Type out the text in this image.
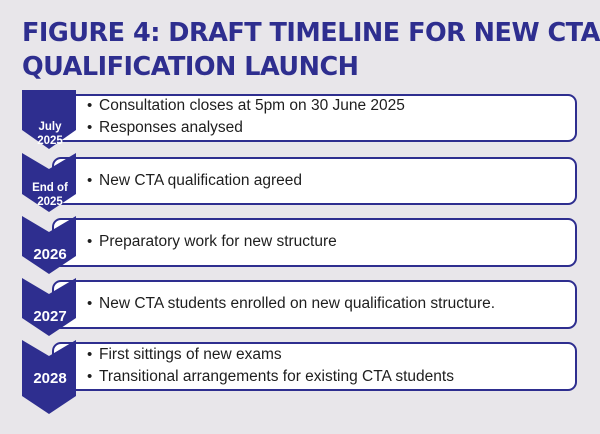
FIGURE 4: DRAFT TIMELINE FOR NEW CTA
QUALIFICATION LAUNCH
July
2025
End of
2025
2026
2027
2028
• Consultation closes at 5pm on 30 June 2025
• Responses analysed
• New CTA qualification agreed
• Preparatory work for new structure
• New CTA students enrolled on new qualification structure.
• First sittings of new exams
• Transitional arrangements for existing CTA students
